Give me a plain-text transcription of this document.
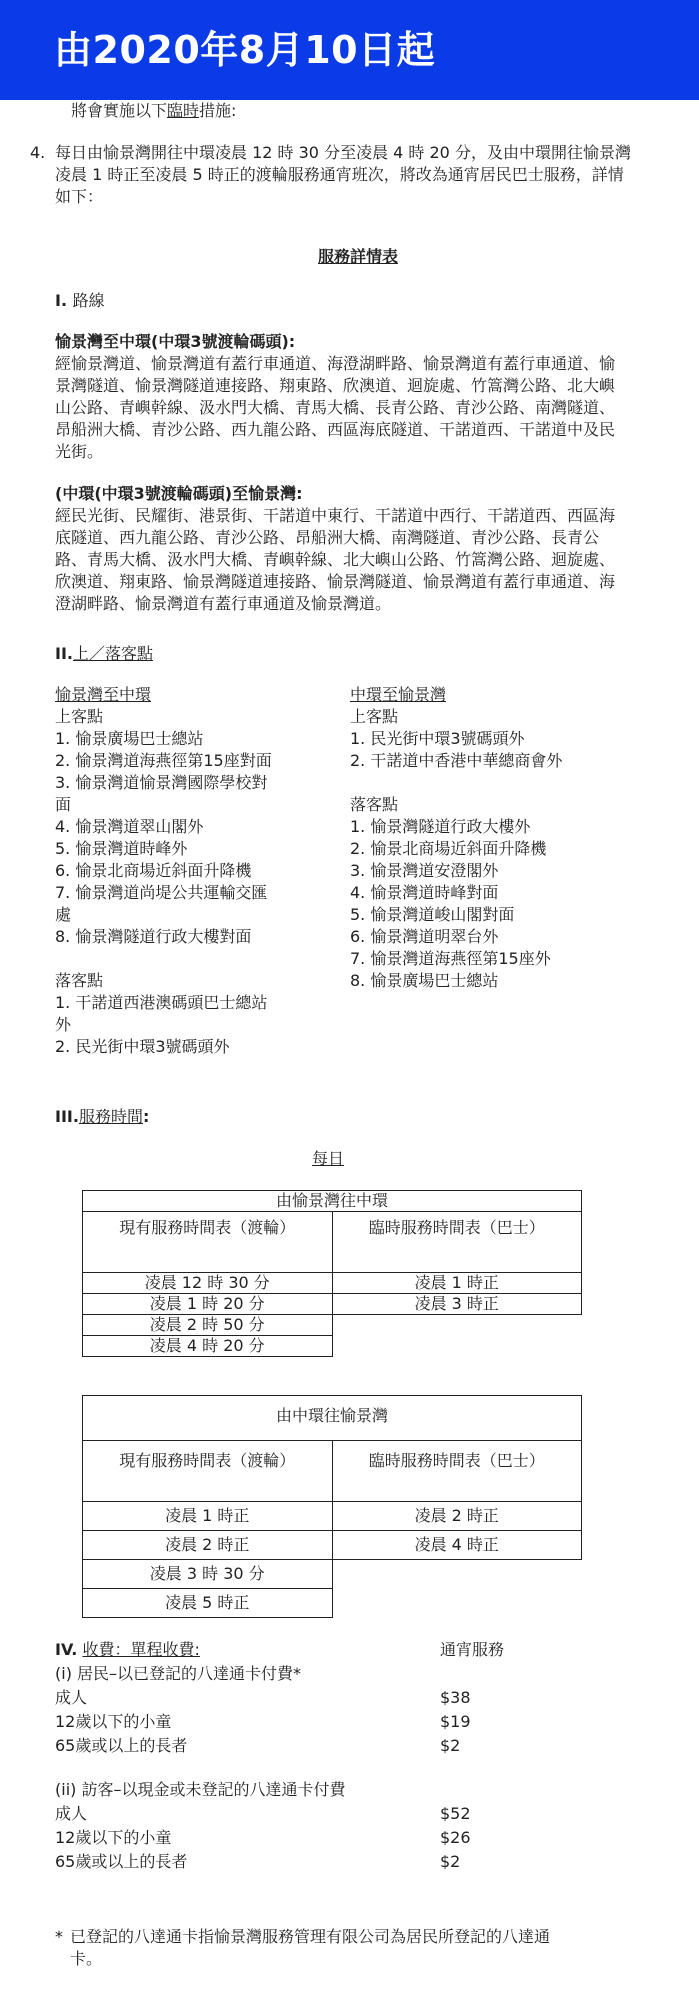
由2020年8月10日起
將會實施以下臨時措施:
4. 每日由愉景灣開往中環凌晨 12 時 30 分至凌晨 4 時 20 分，及由中環開往愉景灣
凌晨 1 時正至凌晨 5 時正的渡輪服務通宵班次，將改為通宵居民巴士服務，詳情
如下：
服務詳情表
I. 路線
愉景灣至中環(中環3號渡輪碼頭):
經愉景灣道、愉景灣道有蓋行車通道、海澄湖畔路、愉景灣道有蓋行車通道、愉
景灣隧道、愉景灣隧道連接路、翔東路、欣澳道、迴旋處、竹篙灣公路、北大嶼
山公路、青嶼幹線、汲水門大橋、青馬大橋、長青公路、青沙公路、南灣隧道、
昂船洲大橋、青沙公路、西九龍公路、西區海底隧道、干諾道西、干諾道中及民
光街。
(中環(中環3號渡輪碼頭)至愉景灣:
經民光街、民耀街、港景街、干諾道中東行、干諾道中西行、干諾道西、西區海
底隧道、西九龍公路、青沙公路、昂船洲大橋、南灣隧道、青沙公路、長青公
路、青馬大橋、汲水門大橋、青嶼幹線、北大嶼山公路、竹篙灣公路、迴旋處、
欣澳道、翔東路、愉景灣隧道連接路、愉景灣隧道、愉景灣道有蓋行車通道、海
澄湖畔路、愉景灣道有蓋行車通道及愉景灣道。
II.上／落客點
愉景灣至中環
上客點
1. 愉景廣場巴士總站
2. 愉景灣道海燕徑第15座對面
3. 愉景灣道愉景灣國際學校對
面
4. 愉景灣道翠山閣外
5. 愉景灣道時峰外
6. 愉景北商場近斜面升降機
7. 愉景灣道尚堤公共運輸交匯
處
8. 愉景灣隧道行政大樓對面
落客點
1. 干諾道西港澳碼頭巴士總站
外
2. 民光街中環3號碼頭外
中環至愉景灣
上客點
1. 民光街中環3號碼頭外
2. 干諾道中香港中華總商會外
落客點
1. 愉景灣隧道行政大樓外
2. 愉景北商場近斜面升降機
3. 愉景灣道安澄閣外
4. 愉景灣道時峰對面
5. 愉景灣道峻山閣對面
6. 愉景灣道明翠台外
7. 愉景灣道海燕徑第15座外
8. 愉景廣場巴士總站
III.服務時間:
每日
由愉景灣往中環	
現有服務時間表（渡輪）	臨時服務時間表（巴士）
凌晨 12 時 30 分	凌晨 1 時正
凌晨 1 時 20 分	凌晨 3 時正
凌晨 2 時 50 分	
凌晨 4 時 20 分	
由中環往愉景灣	
現有服務時間表（渡輪）	臨時服務時間表（巴士）
凌晨 1 時正	凌晨 2 時正
凌晨 2 時正	凌晨 4 時正
凌晨 3 時 30 分	
凌晨 5 時正	
IV. 收費：單程收費:	通宵服務
(i) 居民–以已登記的八達通卡付費*
成人	$38
12歲以下的小童	$19
65歲或以上的長者	$2
(ii) 訪客–以現金或未登記的八達通卡付費
成人	$52
12歲以下的小童	$26
65歲或以上的長者	$2
* 已登記的八達通卡指愉景灣服務管理有限公司為居民所登記的八達通
卡。
